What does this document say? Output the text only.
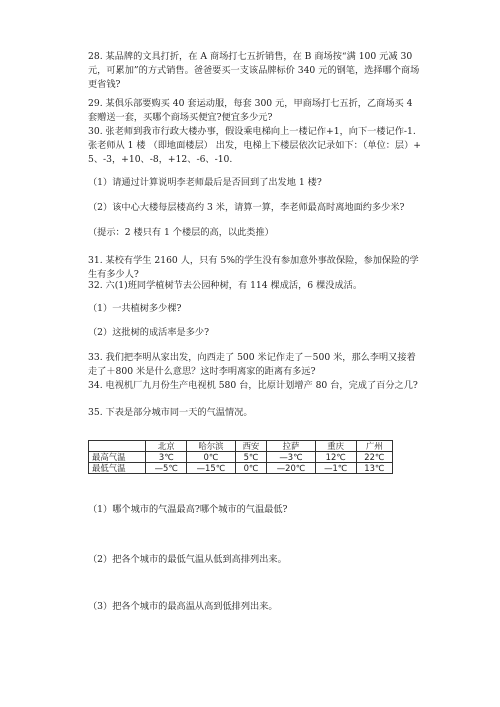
28. 某品牌的文具打折，在 A 商场打七五折销售，在 B 商场按“满 100 元减 30 元，可累加”的方式销售。爸爸要买一支该品牌标价 340 元的钢笔，选择哪个商场更省钱?

29. 某俱乐部要购买 40 套运动服，每套 300 元，甲商场打七五折，乙商场买 4 套赠送一套，买哪个商场买便宜?便宜多少元?

30. 张老师到我市行政大楼办事，假设乘电梯向上一楼记作+1，向下一楼记作-1. 张老师从 1 楼 （即地面楼层） 出发，电梯上下楼层依次记录如下：（单位：层）+5、-3，+10、-8，+12、-6、-10.

（1）请通过计算说明李老师最后是否回到了出发地 1 楼?

（2）该中心大楼每层楼高约 3 米，请算一算，李老师最高时离地面约多少米?

（提示：2 楼只有 1 个楼层的高，以此类推）

31. 某校有学生 2160 人，只有 5%的学生没有参加意外事故保险，参加保险的学生有多少人?

32. 六(1)班同学植树节去公园种树，有 114 棵成活，6 棵没成活。

（1）一共植树多少棵?

（2）这批树的成活率是多少?

33. 我们把李明从家出发，向西走了 500 米记作走了－500 米，那么李明又接着走了＋800 米是什么意思？这时李明离家的距离有多远?

34. 电视机厂九月份生产电视机 580 台，比原计划增产 80 台，完成了百分之几?

35. 下表是部分城市同一天的气温情况。

	北京	哈尔滨	西安	拉萨	重庆	广州
最高气温	3℃	0℃	5℃	—3℃	12℃	22℃
最低气温	—5℃	—15℃	0℃	—20℃	—1℃	13℃

（1）哪个城市的气温最高?哪个城市的气温最低?

（2）把各个城市的最低气温从低到高排列出来。

（3）把各个城市的最高温从高到低排列出来。
